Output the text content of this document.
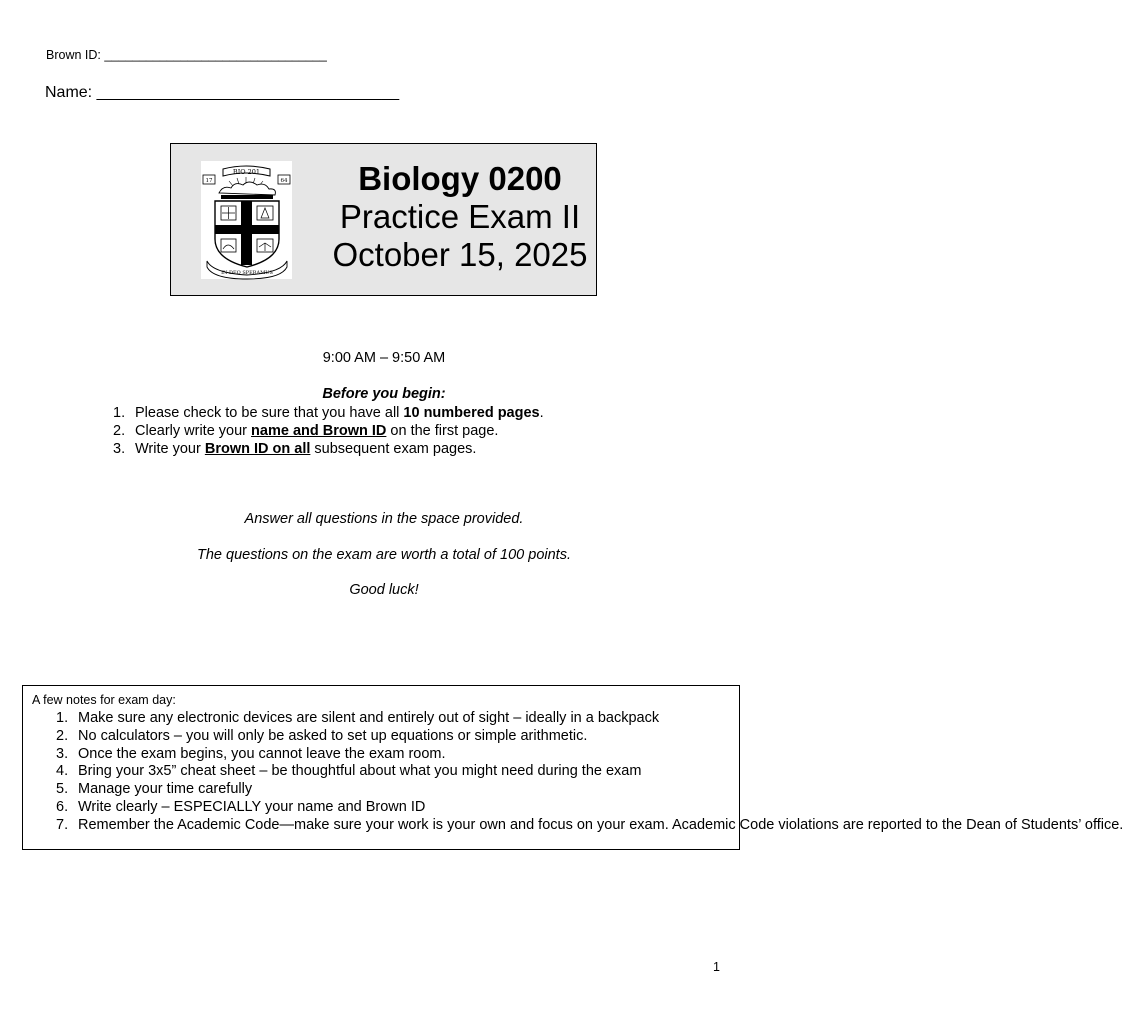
Brown ID: ________________________________
Name: __________________________________
BIO 201
17	64
IN DEO SPERAMUS
Biology 0200
Practice Exam II
October 15, 2025
9:00 AM – 9:50 AM
Before you begin:
1. Please check to be sure that you have all 10 numbered pages.
2. Clearly write your name and Brown ID on the first page.
3. Write your Brown ID on all subsequent exam pages.
Answer all questions in the space provided.
The questions on the exam are worth a total of 100 points.
Good luck!
A few notes for exam day:
1. Make sure any electronic devices are silent and entirely out of sight – ideally in a backpack
2. No calculators – you will only be asked to set up equations or simple arithmetic.
3. Once the exam begins, you cannot leave the exam room.
4. Bring your 3x5” cheat sheet – be thoughtful about what you might need during the exam
5. Manage your time carefully
6. Write clearly – ESPECIALLY your name and Brown ID
7. Remember the Academic Code—make sure your work is your own and focus on your exam. Academic Code violations are reported to the Dean of Students’ office.
1
